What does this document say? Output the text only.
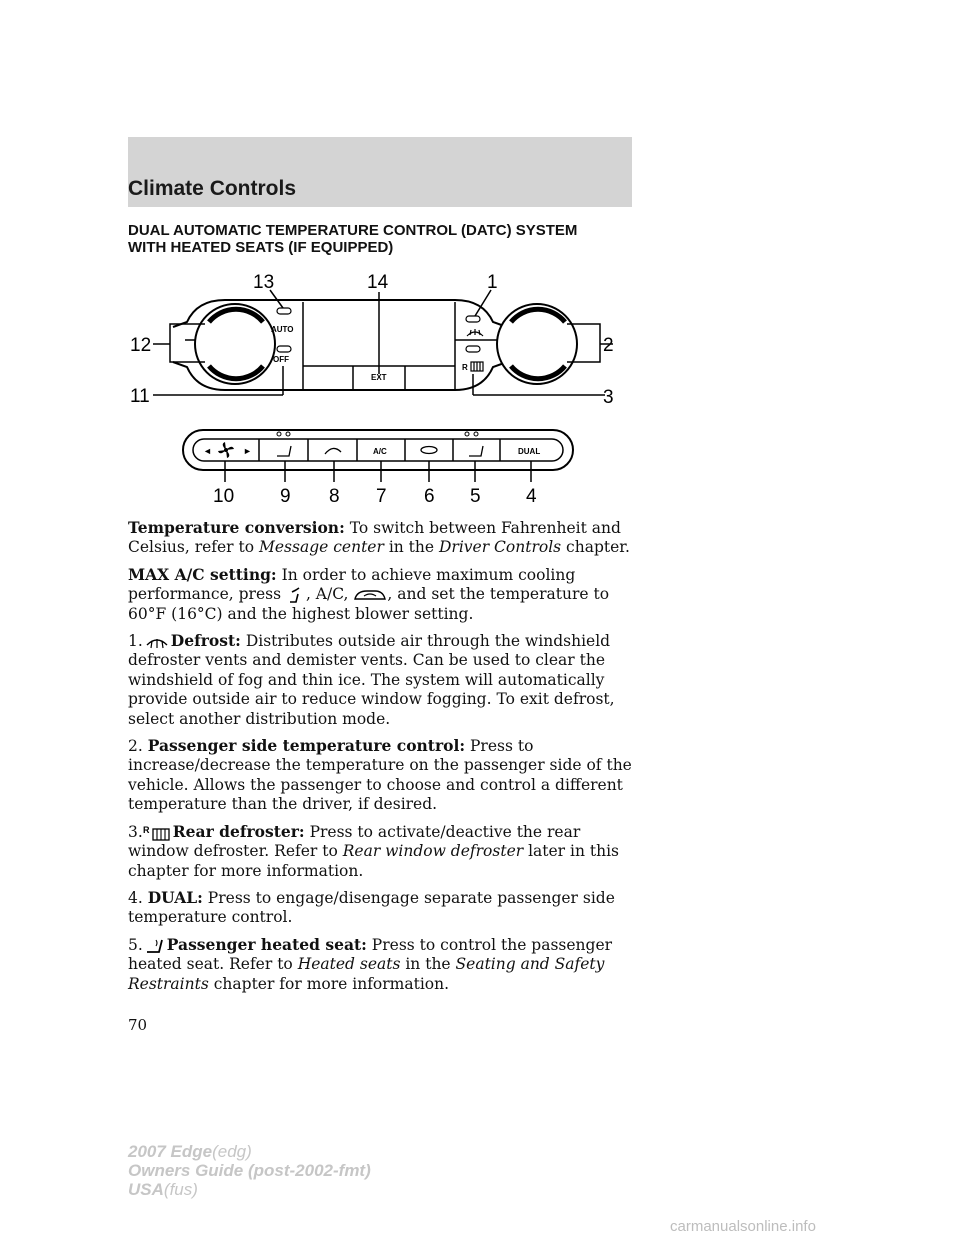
Climate Controls
DUAL AUTOMATIC TEMPERATURE CONTROL (DATC) SYSTEM
WITH HEATED SEATS (IF EQUIPPED)
AUTO
OFF
EXT
R
◄	►	A/C	DUAL
13	14	1
12	2
11	3
10 9 8 7 6 5 4

Temperature conversion: To switch between Fahrenheit and Celsius, refer to Message center in the Driver Controls chapter.

MAX A/C setting: In order to achieve maximum cooling performance, press , A/C, , and set the temperature to 60°F (16°C) and the highest blower setting.

1. Defrost: Distributes outside air through the windshield defroster vents and demister vents. Can be used to clear the windshield of fog and thin ice. The system will automatically provide outside air to reduce window fogging. To exit defrost, select another distribution mode.

2. Passenger side temperature control: Press to increase/decrease the temperature on the passenger side of the vehicle. Allows the passenger to choose and control a different temperature than the driver, if desired.

3. R Rear defroster: Press to activate/deactive the rear window defroster. Refer to Rear window defroster later in this chapter for more information.

4. DUAL: Press to engage/disengage separate passenger side temperature control.

5. Passenger heated seat: Press to control the passenger heated seat. Refer to Heated seats in the Seating and Safety Restraints chapter for more information.

70
2007 Edge(edg)
Owners Guide (post-2002-fmt)
USA(fus)
carmanualsonline.info
